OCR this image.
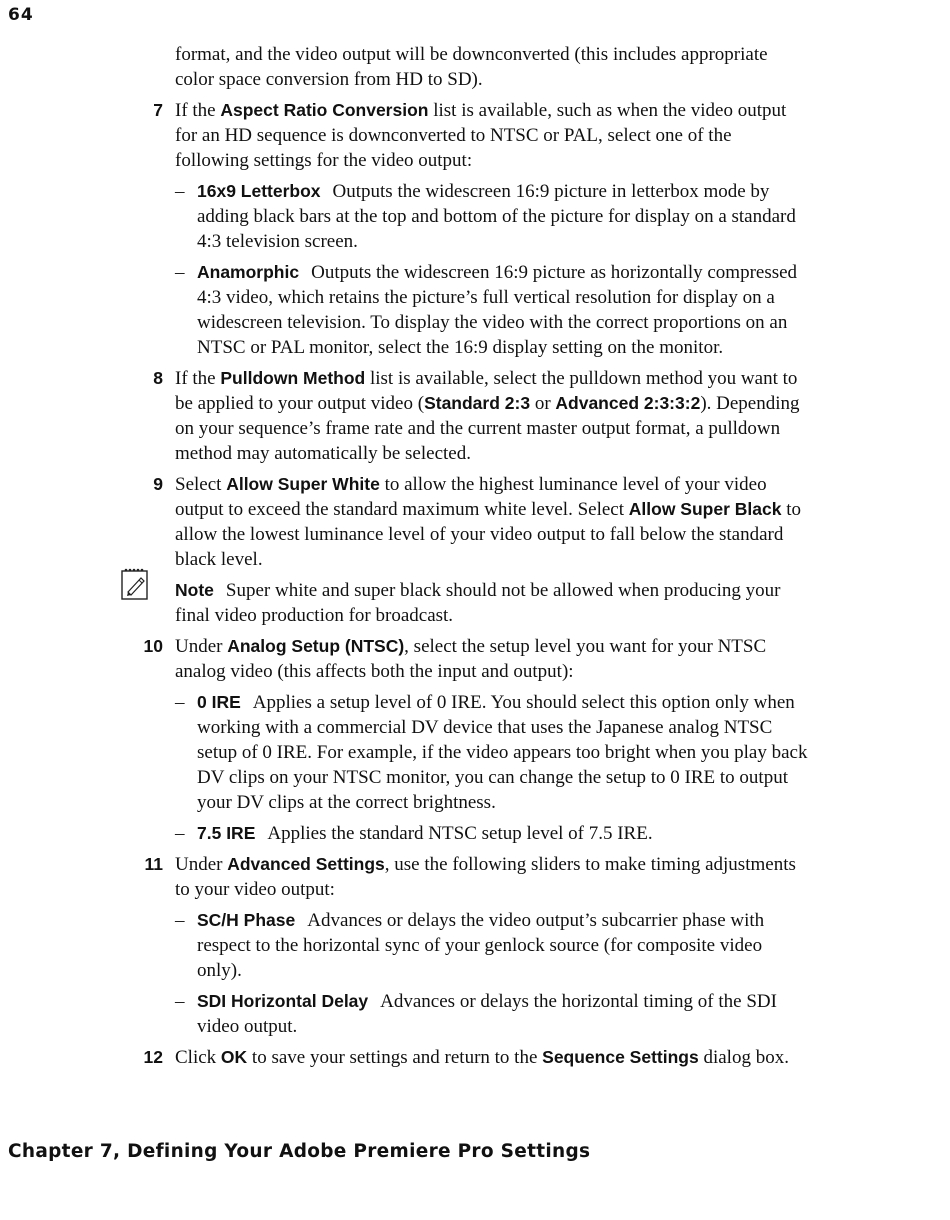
64

format, and the video output will be downconverted (this includes appropriate color space conversion from HD to SD).

7 If the Aspect Ratio Conversion list is available, such as when the video output for an HD sequence is downconverted to NTSC or PAL, select one of the following settings for the video output:
– 16x9 Letterbox Outputs the widescreen 16:9 picture in letterbox mode by adding black bars at the top and bottom of the picture for display on a standard 4:3 television screen.
– Anamorphic Outputs the widescreen 16:9 picture as horizontally compressed 4:3 video, which retains the picture’s full vertical resolution for display on a widescreen television. To display the video with the correct proportions on an NTSC or PAL monitor, select the 16:9 display setting on the monitor.
8 If the Pulldown Method list is available, select the pulldown method you want to be applied to your output video (Standard 2:3 or Advanced 2:3:3:2). Depending on your sequence’s frame rate and the current master output format, a pulldown method may automatically be selected.
9 Select Allow Super White to allow the highest luminance level of your video output to exceed the standard maximum white level. Select Allow Super Black to allow the lowest luminance level of your video output to fall below the standard black level.
Note Super white and super black should not be allowed when producing your final video production for broadcast.
10 Under Analog Setup (NTSC), select the setup level you want for your NTSC analog video (this affects both the input and output):
– 0 IRE Applies a setup level of 0 IRE. You should select this option only when working with a commercial DV device that uses the Japanese analog NTSC setup of 0 IRE. For example, if the video appears too bright when you play back DV clips on your NTSC monitor, you can change the setup to 0 IRE to output your DV clips at the correct brightness.
– 7.5 IRE Applies the standard NTSC setup level of 7.5 IRE.
11 Under Advanced Settings, use the following sliders to make timing adjustments to your video output:
– SC/H Phase Advances or delays the video output’s subcarrier phase with respect to the horizontal sync of your genlock source (for composite video only).
– SDI Horizontal Delay Advances or delays the horizontal timing of the SDI video output.
12 Click OK to save your settings and return to the Sequence Settings dialog box.
Chapter 7, Defining Your Adobe Premiere Pro Settings
